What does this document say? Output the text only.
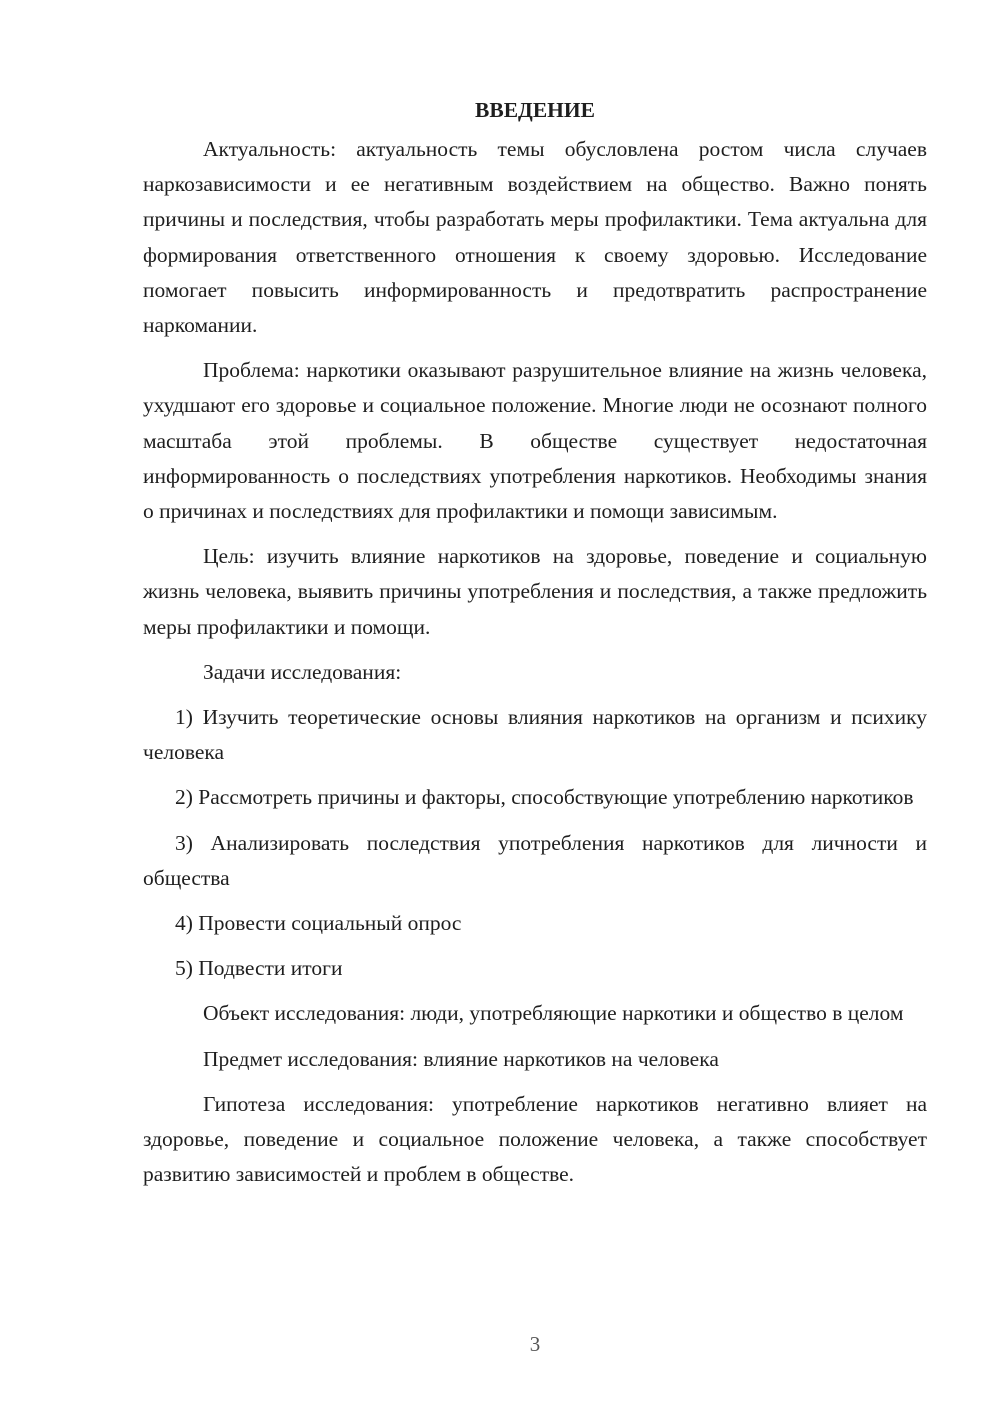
ВВЕДЕНИЕ

Актуальность: актуальность темы обусловлена ростом числа случаев наркозависимости и ее негативным воздействием на общество. Важно понять причины и последствия, чтобы разработать меры профилактики. Тема актуальна для формирования ответственного отношения к своему здоровью. Исследование помогает повысить информированность и предотвратить распространение наркомании.

Проблема: наркотики оказывают разрушительное влияние на жизнь человека, ухудшают его здоровье и социальное положение. Многие люди не осознают полного масштаба этой проблемы. В обществе существует недостаточная информированность о последствиях употребления наркотиков. Необходимы знания о причинах и последствиях для профилактики и помощи зависимым.

Цель: изучить влияние наркотиков на здоровье, поведение и социальную жизнь человека, выявить причины употребления и последствия, а также предложить меры профилактики и помощи.

Задачи исследования:

1) Изучить теоретические основы влияния наркотиков на организм и психику человека

2) Рассмотреть причины и факторы, способствующие употреблению наркотиков

3) Анализировать последствия употребления наркотиков для личности и общества

4) Провести социальный опрос

5) Подвести итоги

Объект исследования: люди, употребляющие наркотики и общество в целом

Предмет исследования: влияние наркотиков на человека

Гипотеза исследования: употребление наркотиков негативно влияет на здоровье, поведение и социальное положение человека, а также способствует развитию зависимостей и проблем в обществе.

3
